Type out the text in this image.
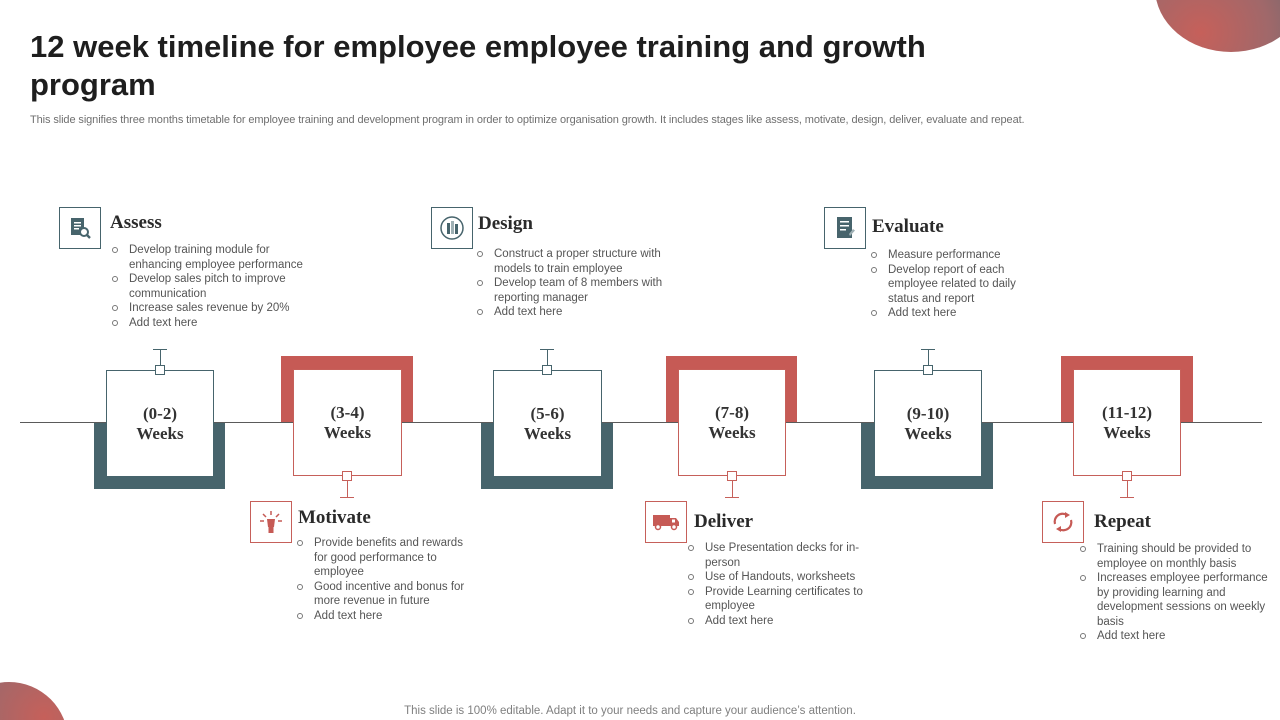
12 week timeline for employee employee training and growth program

This slide signifies three months timetable for employee training and development program in order to optimize organisation growth. It includes stages like assess, motivate, design, deliver, evaluate and repeat.

(0-2)
Weeks
(3-4)
Weeks
(5-6)
Weeks
(7-8)
Weeks
(9-10)
Weeks
(11-12)
Weeks
Assess
Develop training module for enhancing employee performance
Develop sales pitch to improve communication
Increase sales revenue by 20%
Add text here
Motivate
Provide benefits and rewards for good performance to employee
Good incentive and bonus for more revenue in future
Add text here
Design
Construct a proper structure with models to train employee
Develop team of 8 members with reporting manager
Add text here
Deliver
Use Presentation decks for in-person
Use of Handouts, worksheets
Provide Learning certificates to employee
Add text here
Evaluate
Measure performance
Develop report of each employee related to daily status and report
Add text here
Repeat
Training should be provided to employee on monthly basis
Increases employee performance by providing learning and development sessions on weekly basis
Add text here

This slide is 100% editable. Adapt it to your needs and capture your audience’s attention.
